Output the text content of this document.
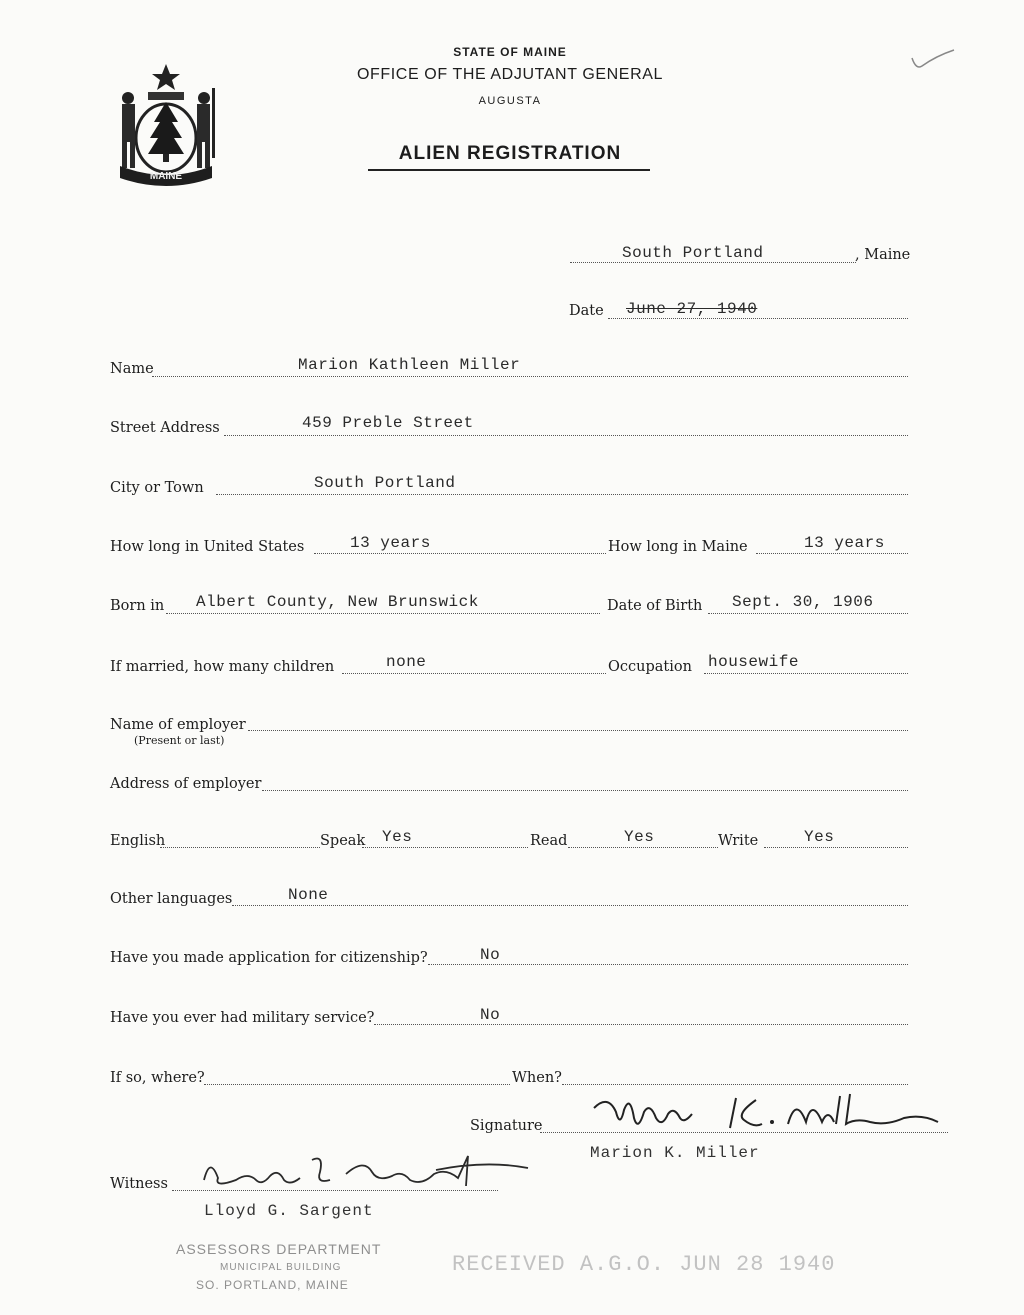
MAINE
STATE OF MAINE
OFFICE OF THE ADJUTANT GENERAL
AUGUSTA
ALIEN REGISTRATION
South Portland	, Maine
Date June 27, 1940
Name	Marion Kathleen Miller
Street Address	459 Preble Street
City or Town	South Portland
How long in United States	13 years	How long in Maine	13 years
Born in Albert County, New Brunswick	Date of Birth Sept. 30, 1906
If married, how many children	none	Occupation housewife
Name of employer
(Present or last)
Address of employer
English	Speak Yes	Read	Yes	Write	Yes
Other languages	None
Have you made application for citizenship?	No
Have you ever had military service?	No
If so, where?	When?
Signature
Marion K. Miller
Witness
Lloyd G. Sargent
ASSESSORS DEPARTMENT
MUNICIPAL BUILDING
SO. PORTLAND, MAINE
RECEIVED A.G.O. JUN 28 1940
